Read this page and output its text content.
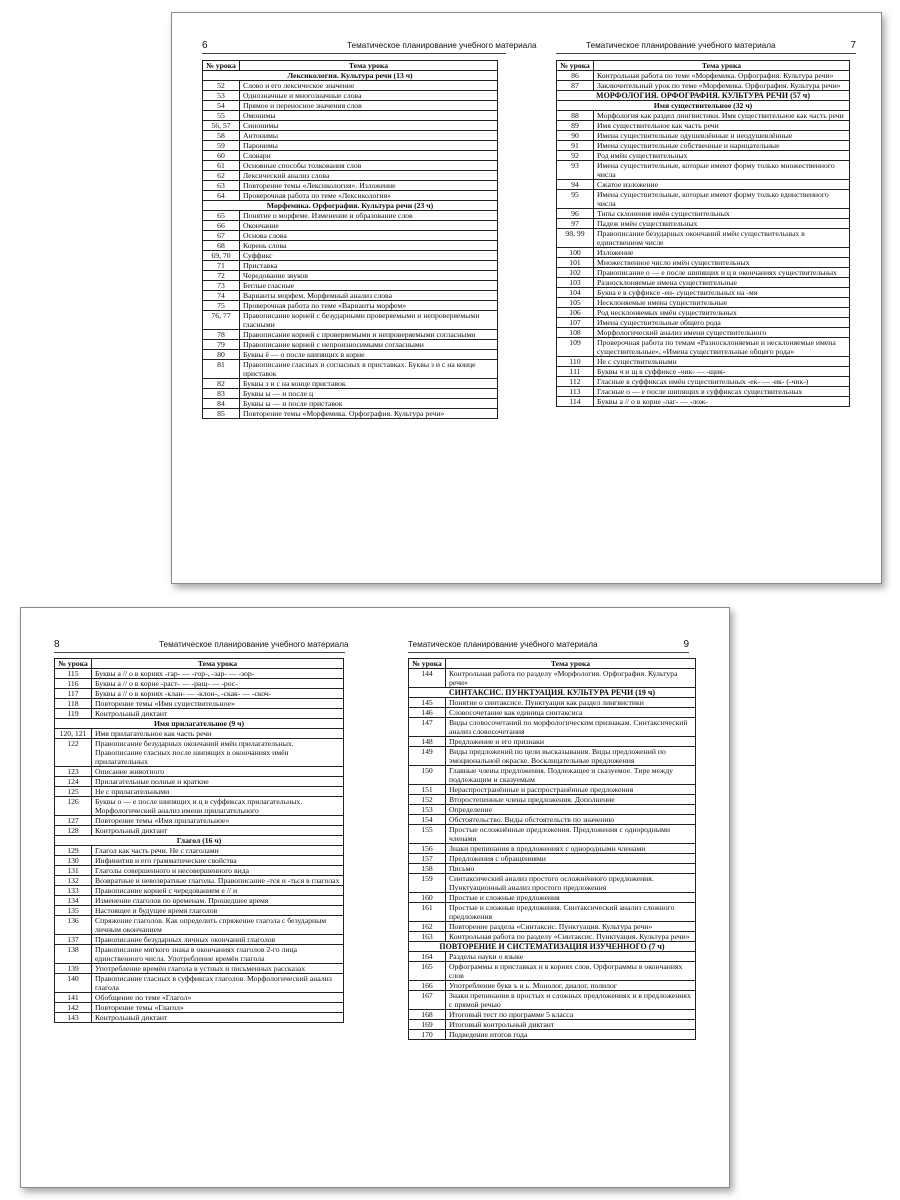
6	Тематическое планирование учебного материала
№ урока	Тема урока
Лексикология. Культура речи (13 ч)	
52	Слово и его лексическое значение
53	Однозначные и многозначные слова
54	Прямое и переносное значения слов
55	Омонимы
56, 57	Синонимы
58	Антонимы
59	Паронимы
60	Словари
61	Основные способы толкования слов
62	Лексический анализ слова
63	Повторение темы «Лексикология». Изложение
64	Проверочная работа по теме «Лексикология»
Морфемика. Орфография. Культура речи (23 ч)	
65	Понятие о морфеме. Изменение и образование слов
66	Окончание
67	Основа слова
68	Корень слова
69, 70	Суффикс
71	Приставка
72	Чередование звуков
73	Беглые гласные
74	Варианты морфем. Морфемный анализ слова
75	Проверочная работа по теме «Варианты морфем»
76, 77	Правописание корней с безударными проверяемыми и непроверяемыми гласными
78	Правописание корней с проверяемыми и непроверяемыми согласными
79	Правописание корней с непроизносимыми согласными
80	Буквы ё — о после шипящих в корне
81	Правописание гласных и согласных в приставках. Буквы з и с на конце приставок
82	Буквы з и с на конце приставок
83	Буквы ы — и после ц
84	Буквы ы — и после приставок
85	Повторение темы «Морфемика. Орфография. Культура речи»
7
Тематическое планирование учебного материала
№ урока	Тема урока
86	Контрольная работа по теме «Морфемика. Орфография. Культура речи»
87	Заключительный урок по теме «Морфемика. Орфография. Культура речи»
МОРФОЛОГИЯ. ОРФОГРАФИЯ. КУЛЬТУРА РЕЧИ (57 ч)	
Имя существительное (32 ч)	
88	Морфология как раздел лингвистики. Имя существительное как часть речи
89	Имя существительное как часть речи
90	Имена существительные одушевлённые и неодушевлённые
91	Имена существительные собственные и нарицательные
92	Род имён существительных
93	Имена существительные, которые имеют форму только множественного числа
94	Сжатое изложение
95	Имена существительные, которые имеют форму только единственного числа
96	Типы склонения имён существительных
97	Падеж имён существительных
98, 99	Правописание безударных окончаний имён существительных в единственном числе
100	Изложение
101	Множественное число имён существительных
102	Правописание о — е после шипящих и ц в окончаниях существительных
103	Разносклоняемые имена существительные
104	Буква е в суффиксе -ен- существительных на -мя
105	Несклоняемые имена существительные
106	Род несклоняемых имён существительных
107	Имена существительные общего рода
108	Морфологический анализ имени существительного
109	Проверочная работа по темам «Разносклоняемые и несклоняемые имена существительные», «Имена существительные общего рода»
110	Не с существительными
111	Буквы ч и щ в суффиксе -чик- — -щик-
112	Гласные в суффиксах имён существительных -ек- — -ик- (-чик-)
113	Гласные о — е после шипящих в суффиксах существительных
114	Буквы а // о в корне -лаг- — -лож-
8	Тематическое планирование учебного материала
№ урока	Тема урока
115	Буквы а // о в корнях -гар- — -гор-, -зар- — -зор-
116	Буквы а // о в корне -раст- — -ращ- — -рос-
117	Буквы а // о в корнях -клан- — -клон-, -скак- — -скоч-
118	Повторение темы «Имя существительное»
119	Контрольный диктант
Имя прилагательное (9 ч)	
120, 121	Имя прилагательное как часть речи
122	Правописание безударных окончаний имён прилагательных. Правописание гласных после шипящих в окончаниях имён прилагательных
123	Описание животного
124	Прилагательные полные и краткие
125	Не с прилагательными
126	Буквы о — е после шипящих и ц в суффиксах прилагательных. Морфологический анализ имени прилагательного
127	Повторение темы «Имя прилагательное»
128	Контрольный диктант
Глагол (16 ч)	
129	Глагол как часть речи. Не с глаголами
130	Инфинитив и его грамматические свойства
131	Глаголы совершенного и несовершенного вида
132	Возвратные и невозвратные глаголы. Правописание -тся и -ться в глаголах
133	Правописание корней с чередованием е // и
134	Изменение глаголов по временам. Прошедшее время
135	Настоящее и будущее время глаголов
136	Спряжение глаголов. Как определить спряжение глагола с безударным личным окончанием
137	Правописание безударных личных окончаний глаголов
138	Правописание мягкого знака в окончаниях глаголов 2-го лица единственного числа. Употребление времён глагола
139	Употребление времён глагола в устных и письменных рассказах
140	Правописание гласных в суффиксах глаголов. Морфологический анализ глагола
141	Обобщение по теме «Глагол»
142	Повторение темы «Глагол»
143	Контрольный диктант
9
Тематическое планирование учебного материала
№ урока	Тема урока
144	Контрольная работа по разделу «Морфология. Орфография. Культура речи»
СИНТАКСИС. ПУНКТУАЦИЯ. КУЛЬТУРА РЕЧИ (19 ч)	
145	Понятие о синтаксисе. Пунктуация как раздел лингвистики
146	Словосочетание как единица синтаксиса
147	Виды словосочетаний по морфологическим признакам. Синтаксический анализ словосочетания
148	Предложение и его признаки
149	Виды предложений по цели высказывания. Виды предложений по эмоциональной окраске. Восклицательные предложения
150	Главные члены предложения. Подлежащее и сказуемое. Тире между подлежащим и сказуемым
151	Нераспространённые и распространённые предложения
152	Второстепенные члены предложения. Дополнение
153	Определение
154	Обстоятельство. Виды обстоятельств по значению
155	Простые осложнённые предложения. Предложения с однородными членами
156	Знаки препинания в предложениях с однородными членами
157	Предложения с обращениями
158	Письмо
159	Синтаксический анализ простого осложнённого предложения. Пунктуационный анализ простого предложения
160	Простые и сложные предложения
161	Простые и сложные предложения. Синтаксический анализ сложного предложения
162	Повторение раздела «Синтаксис. Пунктуация. Культура речи»
163	Контрольная работа по разделу «Синтаксис. Пунктуация. Культура речи»
ПОВТОРЕНИЕ И СИСТЕМАТИЗАЦИЯ ИЗУЧЕННОГО (7 ч)	
164	Разделы науки о языке
165	Орфограммы в приставках и в корнях слов. Орфограммы в окончаниях слов
166	Употребление букв ъ и ь. Монолог, диалог, полилог
167	Знаки препинания в простых и сложных предложениях и в предложениях с прямой речью
168	Итоговый тест по программе 5 класса
169	Итоговый контрольный диктант
170	Подведение итогов года
